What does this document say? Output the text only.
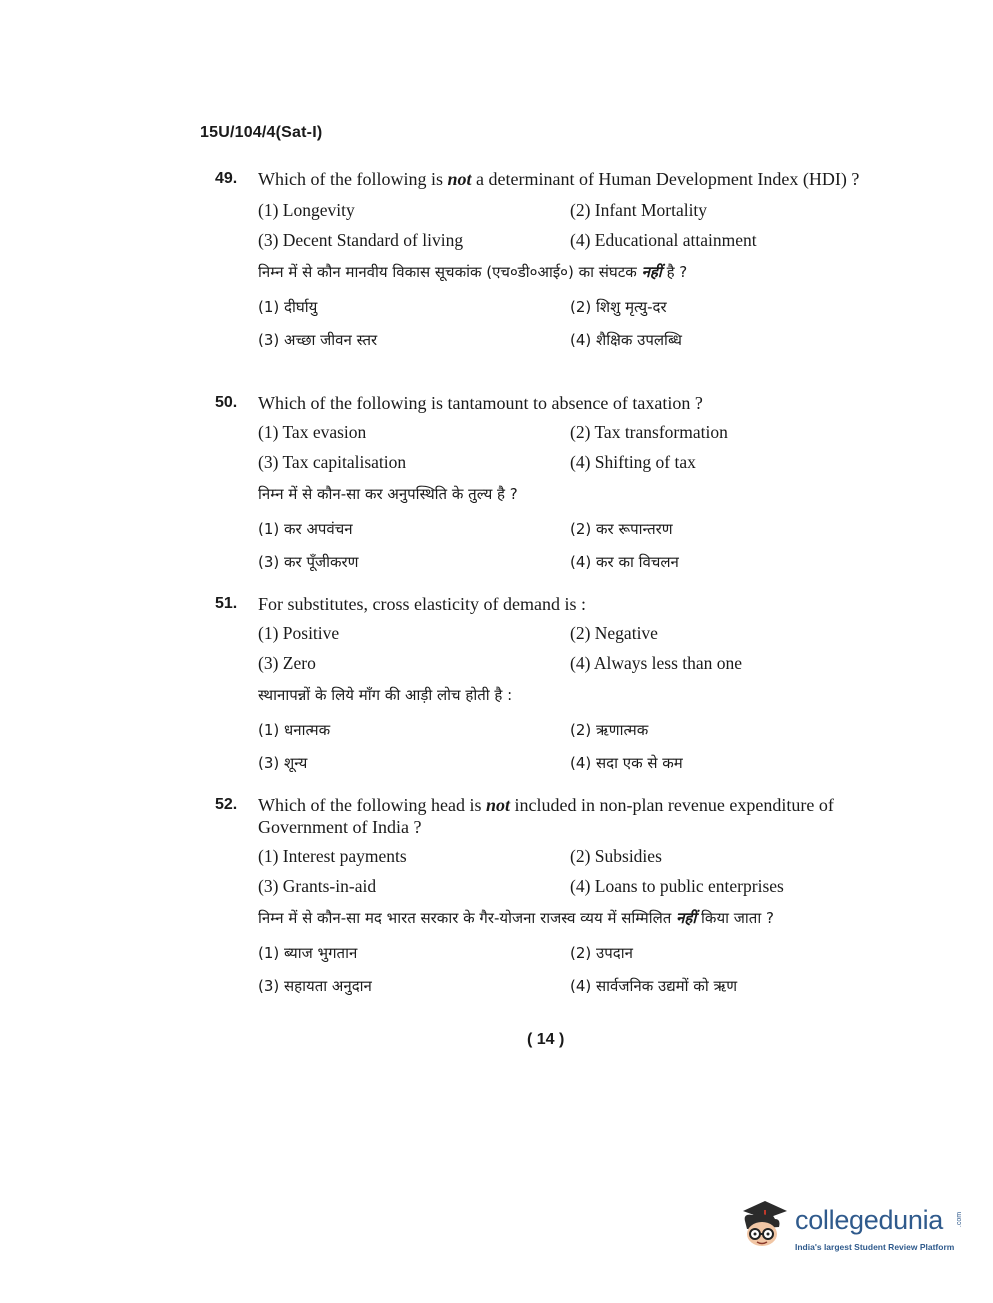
15U/104/4(Sat-I)
49.	Which of the following is not a determinant of Human Development Index (HDI) ?
(1) Longevity	(2) Infant Mortality
(3) Decent Standard of living	(4) Educational attainment
निम्न में से कौन मानवीय विकास सूचकांक (एच०डी०आई०) का संघटक नहीं है ?
(1) दीर्घायु	(2) शिशु मृत्यु-दर
(3) अच्छा जीवन स्तर	(4) शैक्षिक उपलब्धि
50.	Which of the following is tantamount to absence of taxation ?
(1) Tax evasion	(2) Tax transformation
(3) Tax capitalisation	(4) Shifting of tax
निम्न में से कौन-सा कर अनुपस्थिति के तुल्य है ?
(1) कर अपवंचन	(2) कर रूपान्तरण
(3) कर पूँजीकरण	(4) कर का विचलन
51.	For substitutes, cross elasticity of demand is :
(1) Positive	(2) Negative
(3) Zero	(4) Always less than one
स्थानापन्नों के लिये माँग की आड़ी लोच होती है :
(1) धनात्मक	(2) ऋणात्मक
(3) शून्य	(4) सदा एक से कम
52.	Which of the following head is not included in non-plan revenue expenditure of Government of India ?
(1) Interest payments	(2) Subsidies
(3) Grants-in-aid	(4) Loans to public enterprises
निम्न में से कौन-सा मद भारत सरकार के गैर-योजना राजस्व व्यय में सम्मिलित नहीं किया जाता ?
(1) ब्याज भुगतान	(2) उपदान
(3) सहायता अनुदान	(4) सार्वजनिक उद्यमों को ऋण
( 14 )
collegedunia .com
India's largest Student Review Platform
